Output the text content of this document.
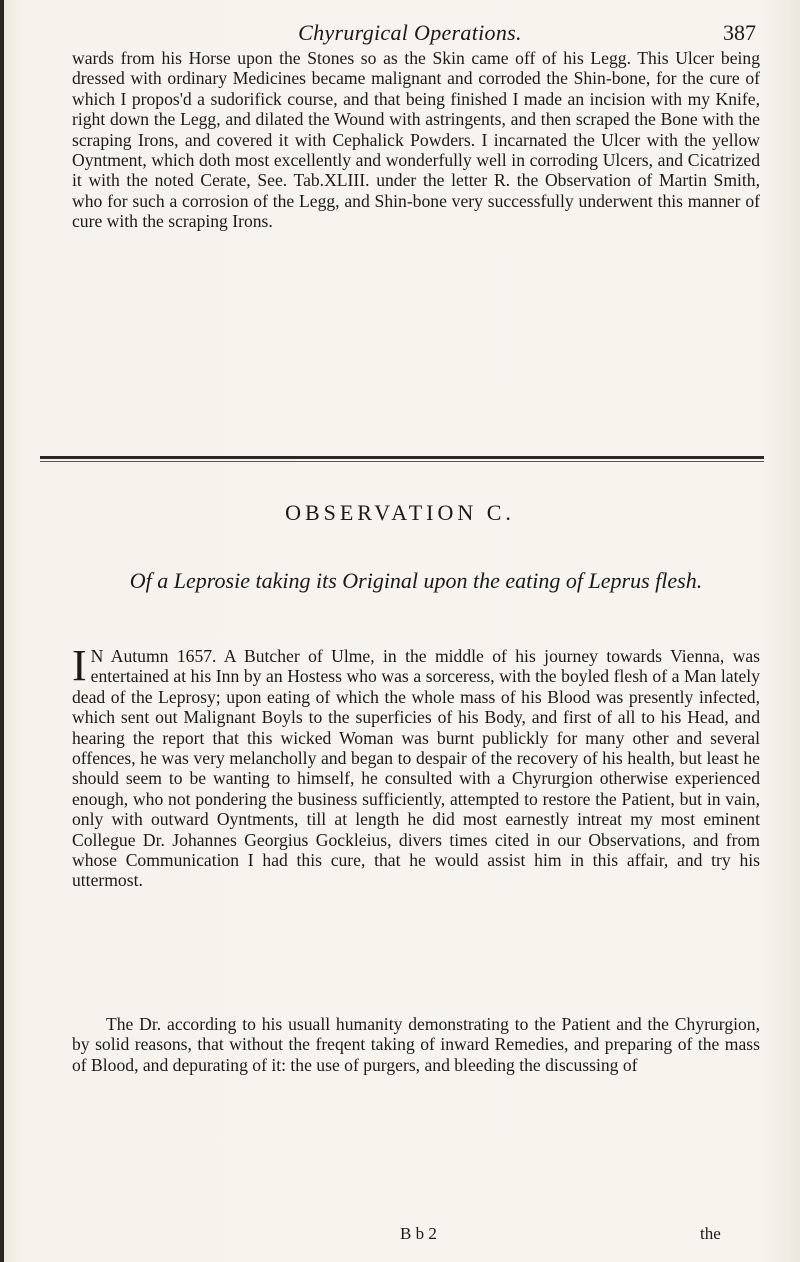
Chyrurgical Operations.	387
wards from his Horse upon the Stones so as the Skin came off of his Legg. This Ulcer being dressed with ordinary Medicines became malignant and corroded the Shin-bone, for the cure of which I propos'd a sudorifick course, and that being finished I made an incision with my Knife, right down the Legg, and dilated the Wound with astringents, and then scraped the Bone with the scraping Irons, and covered it with Cephalick Powders. I incarnated the Ulcer with the yellow Oyntment, which doth most excellently and wonderfully well in corroding Ulcers, and Cicatrized it with the noted Cerate, See. Tab.XLIII. under the letter R. the Observation of Martin Smith, who for such a corrosion of the Legg, and Shin-bone very successfully underwent this manner of cure with the scraping Irons.
OBSERVATION C.
Of a Leprosie taking its Original upon the eating of Leprus flesh.
I N Autumn 1657. A Butcher of Ulme, in the middle of his journey towards Vienna, was entertained at his Inn by an Hostess who was a sorceress, with the boyled flesh of a Man lately dead of the Leprosy; upon eating of which the whole mass of his Blood was presently infected, which sent out Malignant Boyls to the superficies of his Body, and first of all to his Head, and hearing the report that this wicked Woman was burnt publickly for many other and several offences, he was very melancholly and began to despair of the recovery of his health, but least he should seem to be wanting to himself, he consulted with a Chyrurgion otherwise experienced enough, who not pondering the business sufficiently, attempted to restore the Patient, but in vain, only with outward Oyntments, till at length he did most earnestly intreat my most eminent Collegue Dr. Johannes Georgius Gockleius, divers times cited in our Observations, and from whose Communication I had this cure, that he would assist him in this affair, and try his uttermost.
The Dr. according to his usuall humanity demonstrating to the Patient and the Chyrurgion, by solid reasons, that without the freqent taking of inward Remedies, and preparing of the mass of Blood, and depurating of it: the use of purgers, and bleeding the discussing of
B b 2	the
